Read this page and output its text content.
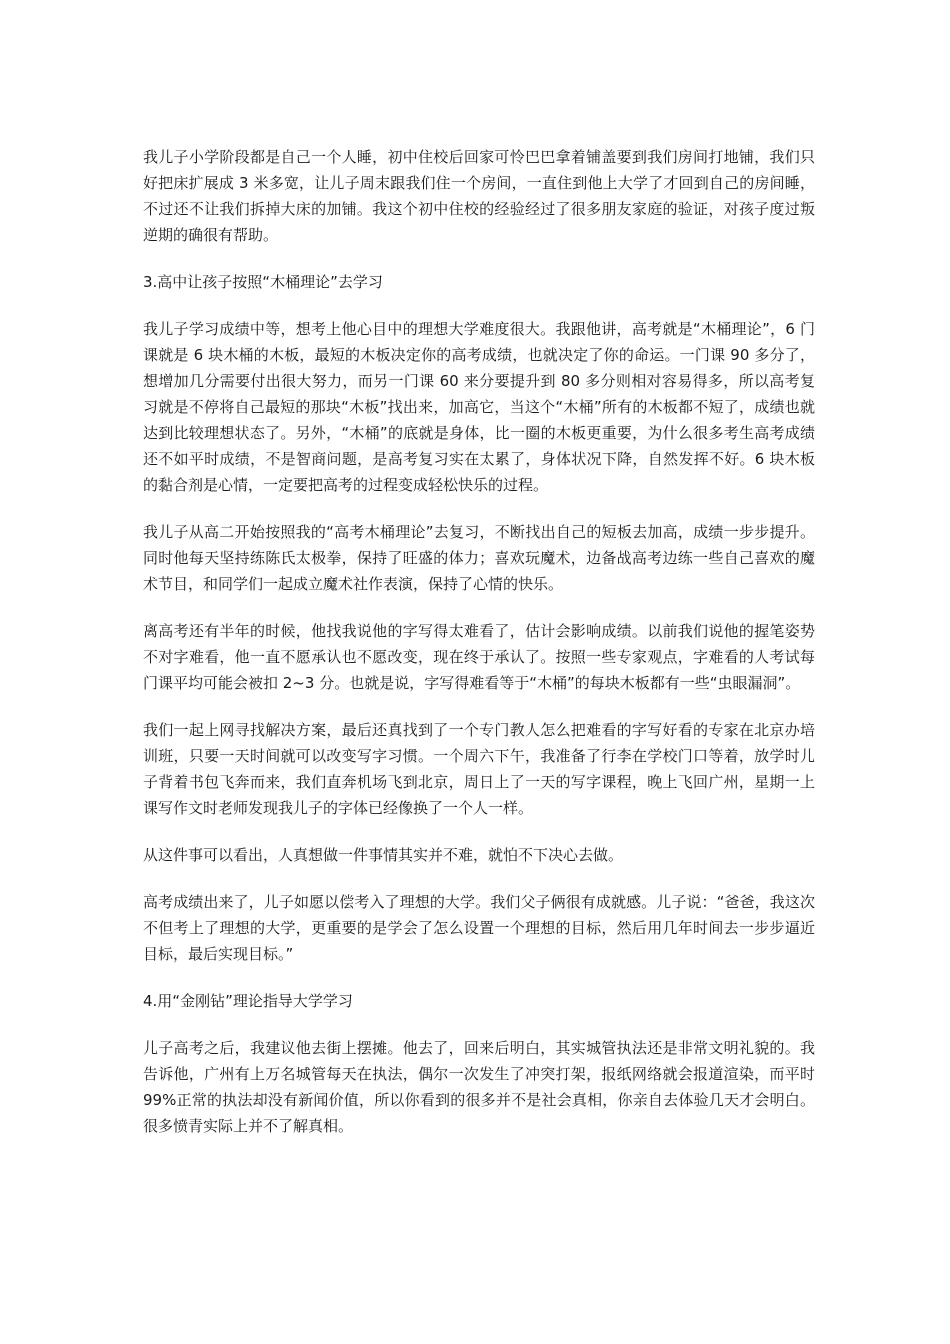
我儿子小学阶段都是自己一个人睡，初中住校后回家可怜巴巴拿着铺盖要到我们房间打地铺，我们只好把床扩展成 3 米多宽，让儿子周末跟我们住一个房间，一直住到他上大学了才回到自己的房间睡，不过还不让我们拆掉大床的加铺。我这个初中住校的经验经过了很多朋友家庭的验证，对孩子度过叛逆期的确很有帮助。

3.高中让孩子按照“木桶理论”去学习

我儿子学习成绩中等，想考上他心目中的理想大学难度很大。我跟他讲，高考就是“木桶理论”，6 门课就是 6 块木桶的木板，最短的木板决定你的高考成绩，也就决定了你的命运。一门课 90 多分了，想增加几分需要付出很大努力，而另一门课 60 来分要提升到 80 多分则相对容易得多，所以高考复习就是不停将自己最短的那块“木板”找出来，加高它，当这个“木桶”所有的木板都不短了，成绩也就达到比较理想状态了。另外，“木桶”的底就是身体，比一圈的木板更重要，为什么很多考生高考成绩还不如平时成绩，不是智商问题，是高考复习实在太累了，身体状况下降，自然发挥不好。6 块木板的黏合剂是心情，一定要把高考的过程变成轻松快乐的过程。

我儿子从高二开始按照我的“高考木桶理论”去复习，不断找出自己的短板去加高，成绩一步步提升。同时他每天坚持练陈氏太极拳，保持了旺盛的体力；喜欢玩魔术，边备战高考边练一些自己喜欢的魔术节目，和同学们一起成立魔术社作表演，保持了心情的快乐。

离高考还有半年的时候，他找我说他的字写得太难看了，估计会影响成绩。以前我们说他的握笔姿势不对字难看，他一直不愿承认也不愿改变，现在终于承认了。按照一些专家观点，字难看的人考试每门课平均可能会被扣 2~3 分。也就是说，字写得难看等于“木桶”的每块木板都有一些“虫眼漏洞”。

我们一起上网寻找解决方案，最后还真找到了一个专门教人怎么把难看的字写好看的专家在北京办培训班，只要一天时间就可以改变写字习惯。一个周六下午，我准备了行李在学校门口等着，放学时儿子背着书包飞奔而来，我们直奔机场飞到北京，周日上了一天的写字课程，晚上飞回广州，星期一上课写作文时老师发现我儿子的字体已经像换了一个人一样。

从这件事可以看出，人真想做一件事情其实并不难，就怕不下决心去做。

高考成绩出来了，儿子如愿以偿考入了理想的大学。我们父子俩很有成就感。儿子说：“爸爸，我这次不但考上了理想的大学，更重要的是学会了怎么设置一个理想的目标，然后用几年时间去一步步逼近目标，最后实现目标。”

4.用“金刚钻”理论指导大学学习

儿子高考之后，我建议他去街上摆摊。他去了，回来后明白，其实城管执法还是非常文明礼貌的。我告诉他，广州有上万名城管每天在执法，偶尔一次发生了冲突打架，报纸网络就会报道渲染，而平时 99%正常的执法却没有新闻价值，所以你看到的很多并不是社会真相，你亲自去体验几天才会明白。很多愤青实际上并不了解真相。
